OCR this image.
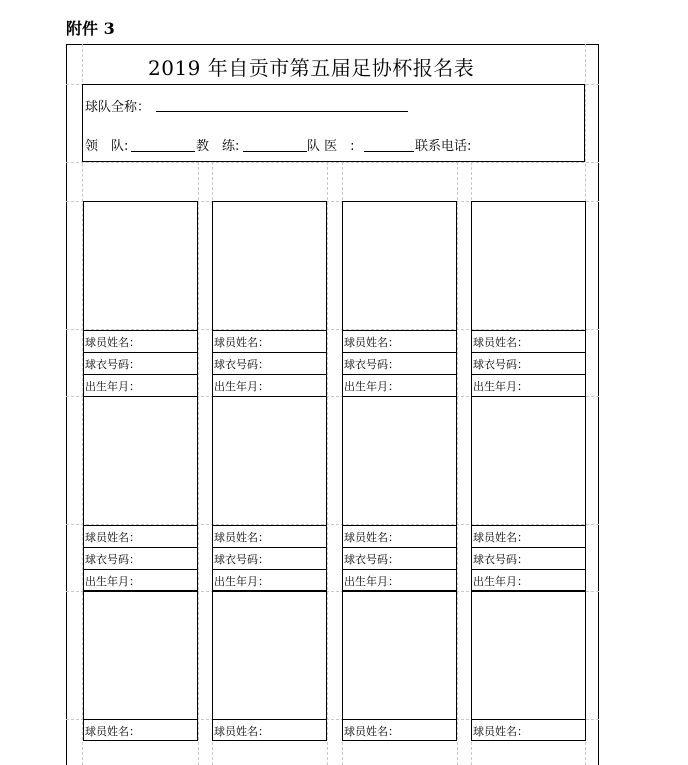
附件 3
2019 年自贡市第五届足协杯报名表
球队全称：
领　队:	教　练:	队 医　:	联系电话:
球员姓名：
球衣号码：
出生年月：
球员姓名：
球衣号码：
出生年月：
球员姓名：
球衣号码：
出生年月：
球员姓名：
球衣号码：
出生年月：
球员姓名：
球衣号码：
出生年月：
球员姓名：
球衣号码：
出生年月：
球员姓名：
球衣号码：
出生年月：
球员姓名：
球衣号码：
出生年月：
球员姓名：	球员姓名：	球员姓名：	球员姓名：
